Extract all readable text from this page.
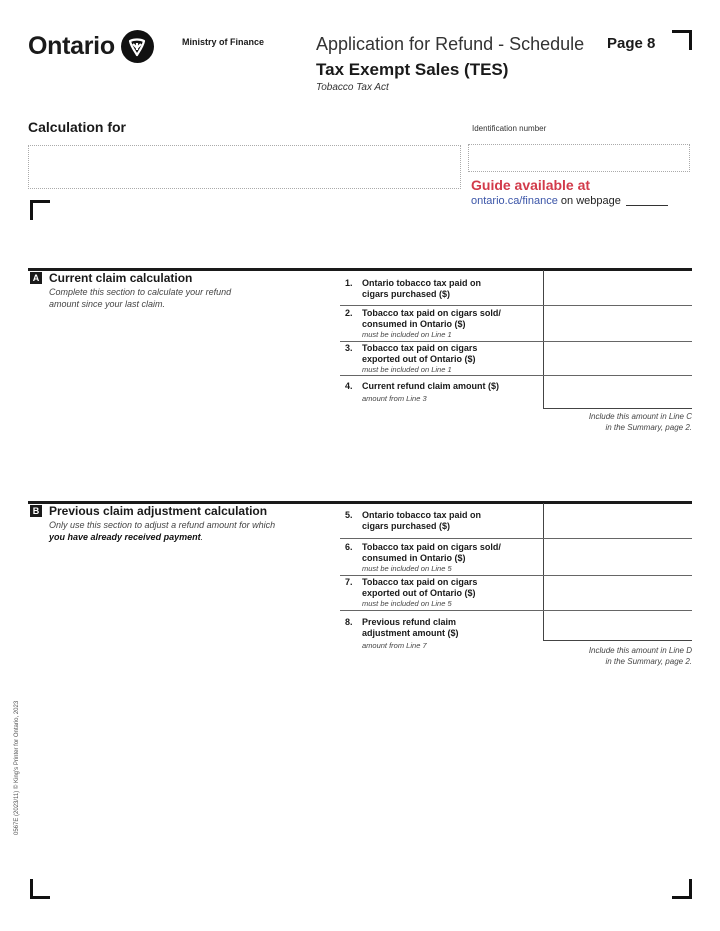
Ontario	Ministry of Finance	Application for Refund - Schedule
Tax Exempt Sales (TES)
Tobacco Tax Act
Page 8
Calculation for	Identification number
Guide available at
ontario.ca/finance on webpage
A Current claim calculation
Complete this section to calculate your refund amount since your last claim.
1. Ontario tobacco tax paid on cigars purchased ($)
2. Tobacco tax paid on cigars sold/ consumed in Ontario ($)
must be included on Line 1
3. Tobacco tax paid on cigars exported out of Ontario ($)
must be included on Line 1
4. Current refund claim amount ($)
amount from Line 3
Include this amount in Line C
in the Summary, page 2.
B Previous claim adjustment calculation
Only use this section to adjust a refund amount for which you have already received payment.
5. Ontario tobacco tax paid on cigars purchased ($)
6. Tobacco tax paid on cigars sold/ consumed in Ontario ($)
must be included on Line 5
7. Tobacco tax paid on cigars exported out of Ontario ($)
must be included on Line 5
8. Previous refund claim adjustment amount ($)
amount from Line 7
Include this amount in Line D
in the Summary, page 2.
0567E (2023/11) © King's Printer for Ontario, 2023
